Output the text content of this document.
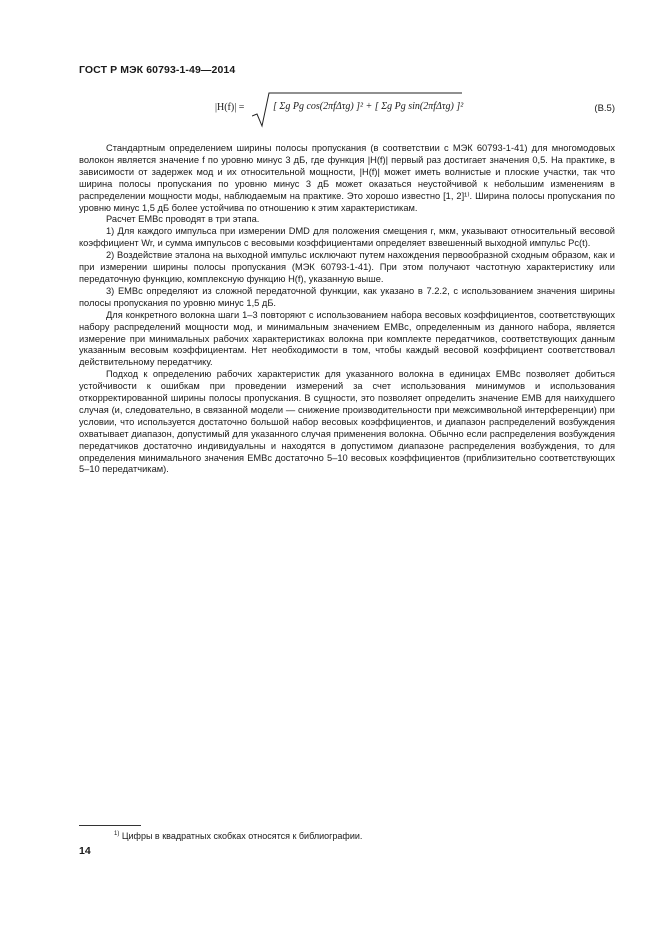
ГОСТ Р МЭК 60793-1-49—2014
|H(f)| =	[ Σg Pg cos(2πfΔτg) ]² + [ Σg Pg sin(2πfΔτg) ]²	(В.5)

Стандартным определением ширины полосы пропускания (в соответствии с МЭК 60793-1-41) для многомодовых волокон является значение f по уровню минус 3 дБ, где функция |H(f)| первый раз достигает значения 0,5. На практике, в зависимости от задержек мод и их относительной мощности, |H(f)| может иметь волнистые и плоские участки, так что ширина полосы пропускания по уровню минус 3 дБ может оказаться неустойчивой к небольшим изменениям в распределении мощности моды, наблюдаемым на практике. Это хорошо известно [1, 2]¹⁾. Ширина полосы пропускания по уровню минус 1,5 дБ более устойчива по отношению к этим характеристикам.

Расчет EMBc проводят в три этапа.

1) Для каждого импульса при измерении DMD для положения смещения r, мкм, указывают относительный весовой коэффициент Wr, и сумма импульсов с весовыми коэффициентами определяет взвешенный выходной импульс Pc(t).

2) Воздействие эталона на выходной импульс исключают путем нахождения первообразной сходным образом, как и при измерении ширины полосы пропускания (МЭК 60793-1-41). При этом получают частотную характеристику или передаточную функцию, комплексную функцию H(f), указанную выше.

3) EMBc определяют из сложной передаточной функции, как указано в 7.2.2, с использованием значения ширины полосы пропускания по уровню минус 1,5 дБ.

Для конкретного волокна шаги 1–3 повторяют с использованием набора весовых коэффициентов, соответствующих набору распределений мощности мод, и минимальным значением EMBc, определенным из данного набора, является измерение при минимальных рабочих характеристиках волокна при комплекте передатчиков, соответствующих данным указанным весовым коэффициентам. Нет необходимости в том, чтобы каждый весовой коэффициент соответствовал действительному передатчику.

Подход к определению рабочих характеристик для указанного волокна в единицах EMBc позволяет добиться устойчивости к ошибкам при проведении измерений за счет использования минимумов и использования откорректированной ширины полосы пропускания. В сущности, это позволяет определить значение EMB для наихудшего случая (и, следовательно, в связанной модели — снижение производительности при межсимвольной интерференции) при условии, что используется достаточно большой набор весовых коэффициентов, и диапазон распределений возбуждения охватывает диапазон, допустимый для указанного случая применения волокна. Обычно если распределения возбуждения передатчиков достаточно индивидуальны и находятся в допустимом диапазоне распределения возбуждения, то для определения минимального значения EMBc достаточно 5–10 весовых коэффициентов (приблизительно соответствующих 5–10 передатчикам).

$^{1)}$ Цифры в квадратных скобках относятся к библиографии.
14
